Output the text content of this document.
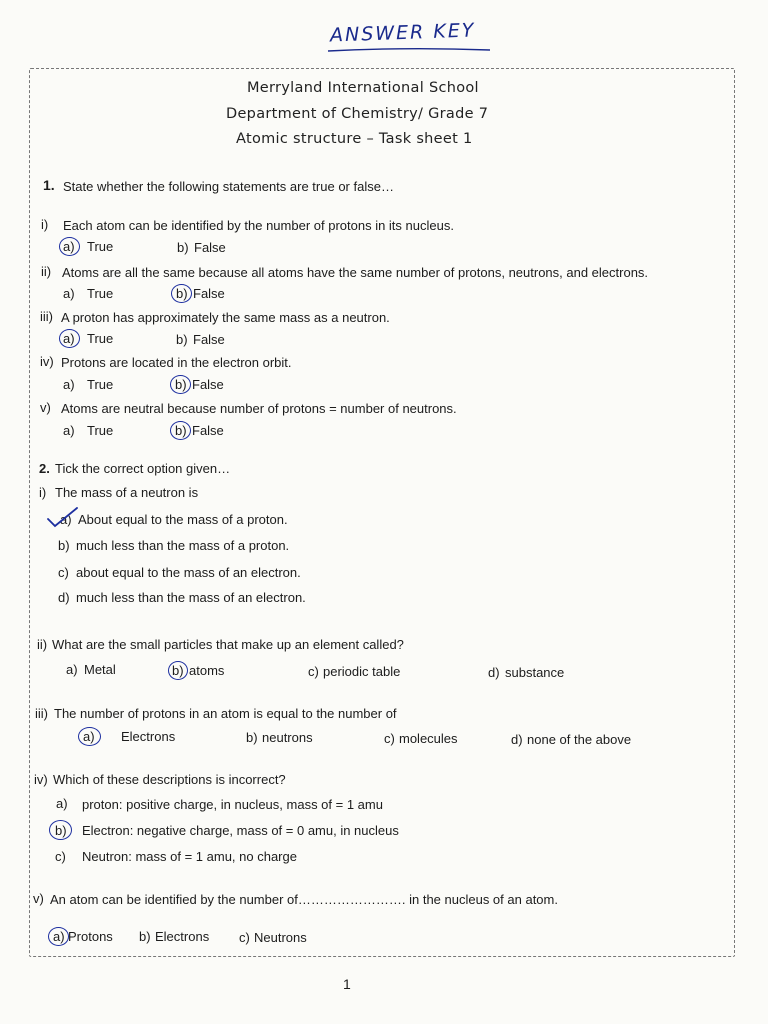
ANSWER KEY
Merryland International School
Department of Chemistry/ Grade 7
Atomic structure – Task sheet 1
1. State whether the following statements are true or false…
i) Each atom can be identified by the number of protons in its nucleus.
a) True	b) False
ii) Atoms are all the same because all atoms have the same number of protons, neutrons, and electrons.
a) True	b) False
iii) A proton has approximately the same mass as a neutron.
a) True	b) False
iv) Protons are located in the electron orbit.
a) True	b) False
v) Atoms are neutral because number of protons = number of neutrons.
a) True	b) False
2. Tick the correct option given…
i) The mass of a neutron is
a) About equal to the mass of a proton.
b) much less than the mass of a proton.
c) about equal to the mass of an electron.
d) much less than the mass of an electron.
ii) What are the small particles that make up an element called?
a) Metal	b) atoms	c) periodic table	d) substance
iii) The number of protons in an atom is equal to the number of
a) Electrons	b) neutrons	c) molecules	d) none of the above
iv) Which of these descriptions is incorrect?
a) proton: positive charge, in nucleus, mass of = 1 amu
b) Electron: negative charge, mass of = 0 amu, in nucleus
c) Neutron: mass of = 1 amu, no charge
v) An atom can be identified by the number of……………………. in the nucleus of an atom.
a) Protons b) Electrons c) Neutrons
1
